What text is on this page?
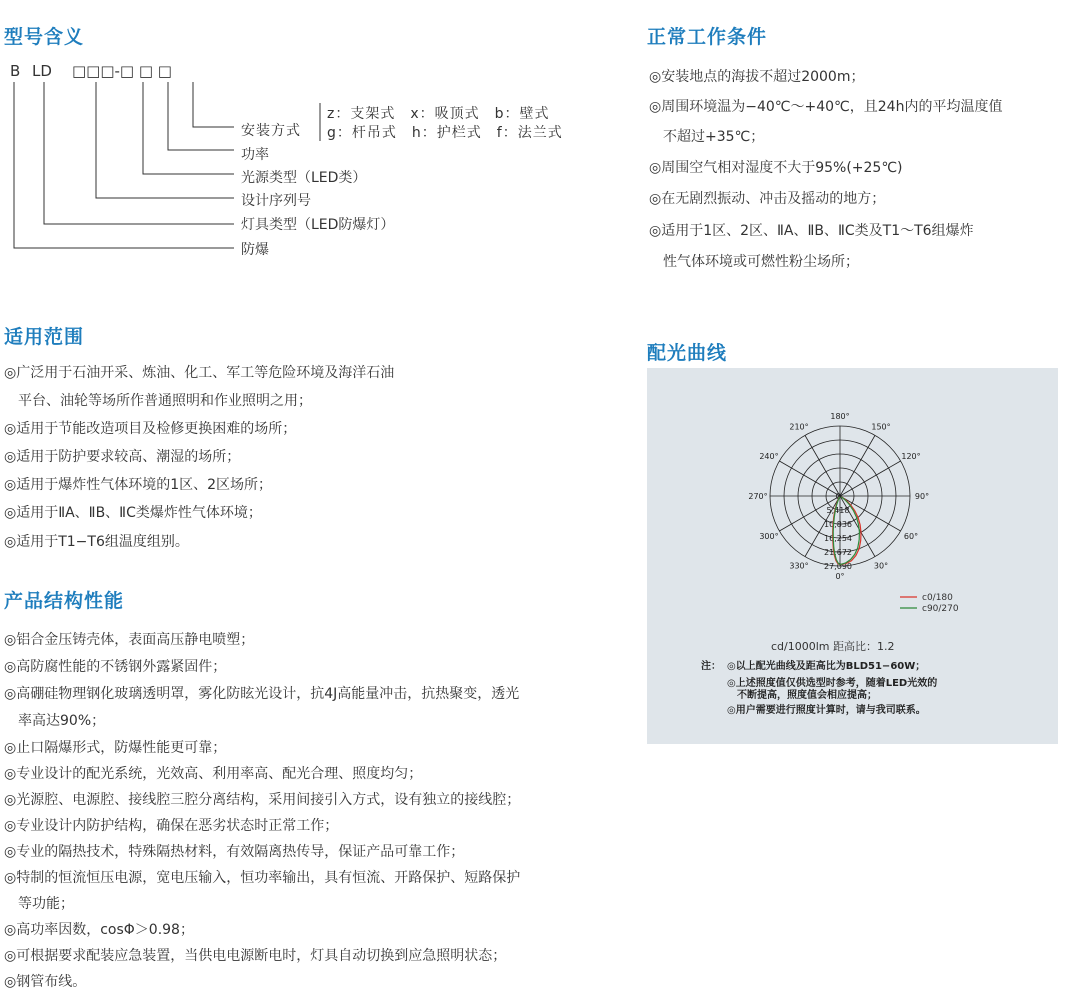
型号含义
B LD □□□-□ □ □
安装方式
z：支架式　x：吸顶式　b：壁式
g：杆吊式　h：护栏式　f：法兰式
功率
光源类型（LED类）
设计序列号
灯具类型（LED防爆灯）
防爆
正常工作条件
◎安装地点的海拔不超过2000m；
◎周围环境温为−40℃～+40℃，且24h内的平均温度值
　不超过+35℃；
◎周围空气相对湿度不大于95%(+25℃)
◎在无剧烈振动、冲击及摇动的地方；
◎适用于1区、2区、ⅡA、ⅡB、ⅡC类及T1～T6组爆炸
　性气体环境或可燃性粉尘场所；
适用范围
◎广泛用于石油开采、炼油、化工、军工等危险环境及海洋石油
　平台、油轮等场所作普通照明和作业照明之用；
◎适用于节能改造项目及检修更换困难的场所；
◎适用于防护要求较高、潮湿的场所；
◎适用于爆炸性气体环境的1区、2区场所；
◎适用于ⅡA、ⅡB、ⅡC类爆炸性气体环境；
◎适用于T1−T6组温度组别。
产品结构性能
◎铝合金压铸壳体，表面高压静电喷塑；
◎高防腐性能的不锈钢外露紧固件；
◎高硼硅物理钢化玻璃透明罩，雾化防眩光设计，抗4J高能量冲击，抗热聚变，透光
　率高达90%；
◎止口隔爆形式，防爆性能更可靠；
◎专业设计的配光系统，光效高、利用率高、配光合理、照度均匀；
◎光源腔、电源腔、接线腔三腔分离结构，采用间接引入方式，设有独立的接线腔；
◎专业设计内防护结构，确保在恶劣状态时正常工作；
◎专业的隔热技术，特殊隔热材料，有效隔离热传导，保证产品可靠工作；
◎特制的恒流恒压电源，宽电压输入，恒功率输出，具有恒流、开路保护、短路保护
　等功能；
◎高功率因数，cosΦ＞0.98；
◎可根据要求配装应急装置，当供电电源断电时，灯具自动切换到应急照明状态；
◎钢管布线。
配光曲线
180°
150°
120°
90°
60°
30°
0°
330°
300°
270°
240°
210°
0
5,418
10,836
16,254
21,672
27,090
c0/180
c90/270
cd/1000lm 距高比：1.2
注： ◎以上配光曲线及距高比为BLD51−60W；
◎上述照度值仅供选型时参考，随着LED光效的
　不断提高，照度值会相应提高；
◎用户需要进行照度计算时，请与我司联系。
